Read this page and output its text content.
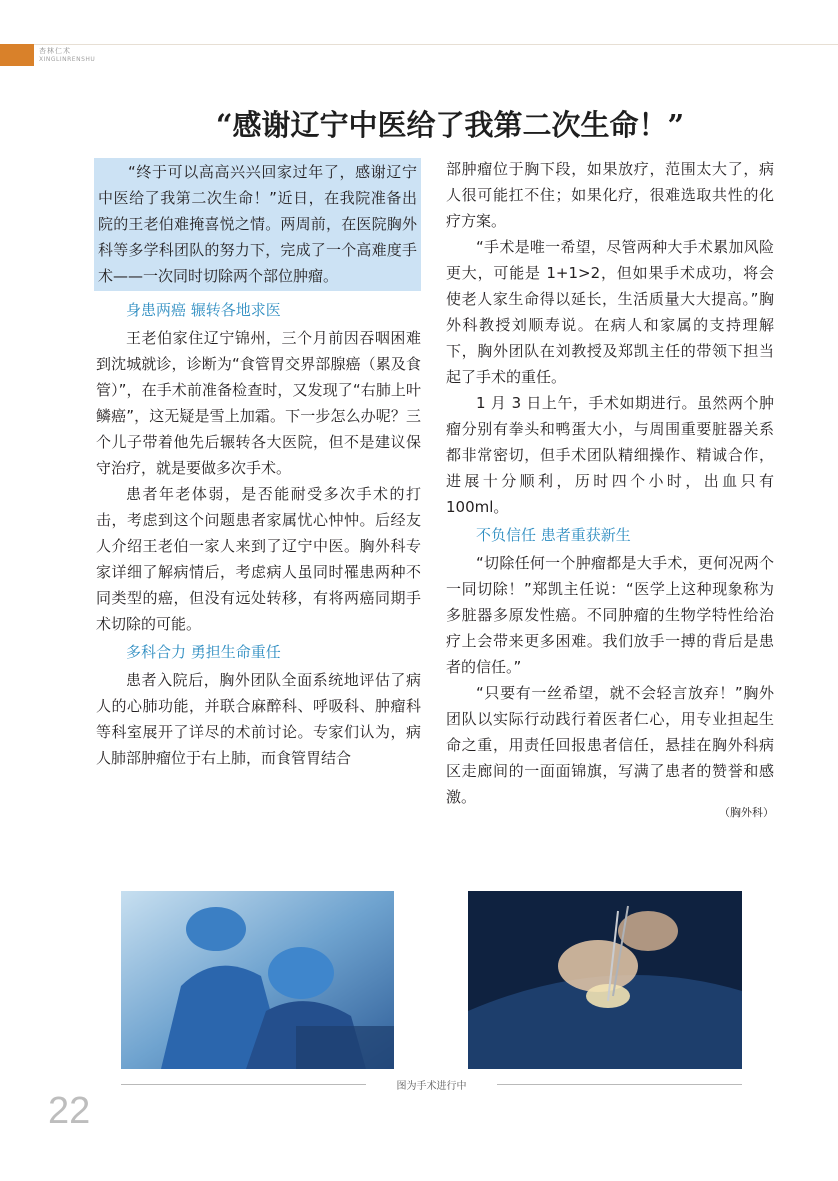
杏林仁术
XINGLINRENSHU
“感谢辽宁中医给了我第二次生命！”

“终于可以高高兴兴回家过年了，感谢辽宁中医给了我第二次生命！”近日，在我院准备出院的王老伯难掩喜悦之情。两周前，在医院胸外科等多学科团队的努力下，完成了一个高难度手术——一次同时切除两个部位肿瘤。

身患两癌 辗转各地求医

王老伯家住辽宁锦州，三个月前因吞咽困难到沈城就诊，诊断为“食管胃交界部腺癌（累及食管）”，在手术前准备检查时，又发现了“右肺上叶鳞癌”，这无疑是雪上加霜。下一步怎么办呢？三个儿子带着他先后辗转各大医院，但不是建议保守治疗，就是要做多次手术。

患者年老体弱，是否能耐受多次手术的打击，考虑到这个问题患者家属忧心忡忡。后经友人介绍王老伯一家人来到了辽宁中医。胸外科专家详细了解病情后，考虑病人虽同时罹患两种不同类型的癌，但没有远处转移，有将两癌同期手术切除的可能。

多科合力 勇担生命重任

患者入院后，胸外团队全面系统地评估了病人的心肺功能，并联合麻醉科、呼吸科、肿瘤科等科室展开了详尽的术前讨论。专家们认为，病人肺部肿瘤位于右上肺，而食管胃结合

部肿瘤位于胸下段，如果放疗，范围太大了，病人很可能扛不住；如果化疗，很难选取共性的化疗方案。

“手术是唯一希望，尽管两种大手术累加风险更大，可能是 1+1>2，但如果手术成功，将会使老人家生命得以延长，生活质量大大提高。”胸外科教授刘顺寿说。在病人和家属的支持理解下，胸外团队在刘教授及郑凯主任的带领下担当起了手术的重任。

1 月 3 日上午，手术如期进行。虽然两个肿瘤分别有拳头和鸭蛋大小，与周围重要脏器关系都非常密切，但手术团队精细操作、精诚合作，进展十分顺利，历时四个小时，出血只有 100ml。

不负信任 患者重获新生

“切除任何一个肿瘤都是大手术，更何况两个一同切除！”郑凯主任说：“医学上这种现象称为多脏器多原发性癌。不同肿瘤的生物学特性给治疗上会带来更多困难。我们放手一搏的背后是患者的信任。”

“只要有一丝希望，就不会轻言放弃！”胸外团队以实际行动践行着医者仁心，用专业担起生命之重，用责任回报患者信任，悬挂在胸外科病区走廊间的一面面锦旗，写满了患者的赞誉和感激。

（胸外科）
图为手术进行中
22
